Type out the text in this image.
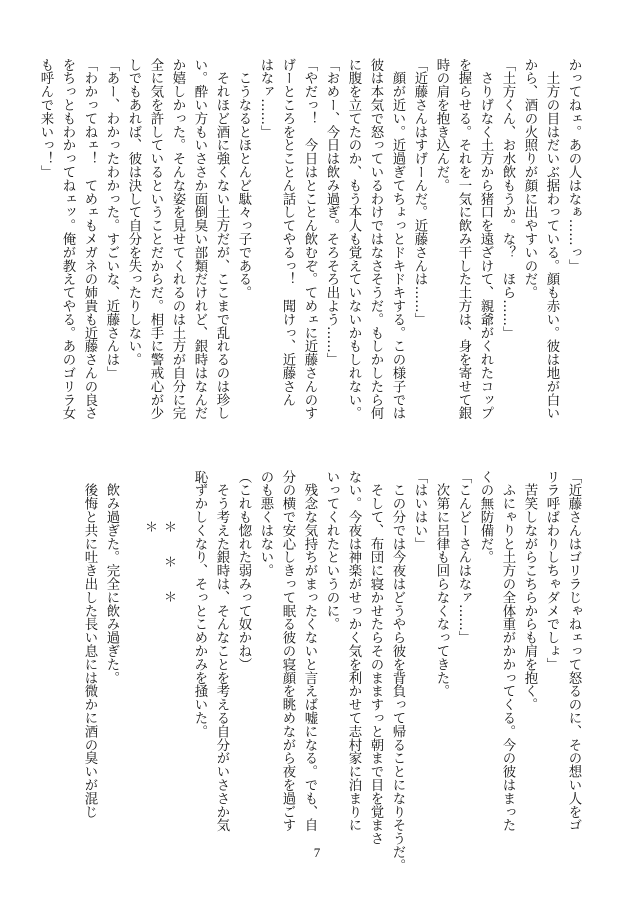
かってねェ。あの人はなぁ……っ」
　土方の目はだいぶ据わっている。顔も赤い。彼は地が白い
から、酒の火照りが顔に出やすいのだ。
「土方くん、お水飲もうか。な？　ほら……」
　さりげなく土方から猪口を遠ざけて、親爺がくれたコップ
を握らせる。それを一気に飲み干した土方は、身を寄せて銀
時の肩を抱き込んだ。
「近藤さんはすげーんだ。近藤さんは……」
　顔が近い。近過ぎてちょっとドキドキする。この様子では
彼は本気で怒っているわけではなさそうだ。もしかしたら何
に腹を立てたのか、もう本人も覚えていないかもしれない。
「おめー、今日は飲み過ぎ。そろそろ出よう……」
「やだっ！　今日はとことん飲むぞ。てめェに近藤さんのす
げーところをとことん話してやるっ！　聞けっ、近藤さん
はなァ……」
　こうなるとほとんど駄々っ子である。
　それほど酒に強くない土方だが、ここまで乱れるのは珍し
い。酔い方もいささか面倒臭い部類だけれど、銀時はなんだ
か嬉しかった。そんな姿を見せてくれるのは土方が自分に完
全に気を許しているということだからだ。相手に警戒心が少
しでもあれば、彼は決して自分を失ったりしない。
「あー、わかったわかった。すごいな、近藤さんは」
「わかってねェ！　てめェもメガネの姉貴も近藤さんの良さ
をちっともわかってねェッ。俺が教えてやる。あのゴリラ女
も呼んで来いっ！」
「近藤さんはゴリラじゃねェって怒るのに、その想い人をゴ
リラ呼ばわりしちゃダメでしょ」
　苦笑しながらこちらからも肩を抱く。
　ふにゃりと土方の全体重がかかってくる。今の彼はまった
くの無防備だ。
「こんどーさんはなァ……」
　次第に呂律も回らなくなってきた。
「はいはい」
　この分では今夜はどうやら彼を背負って帰ることになりそうだ。
　そして、布団に寝かせたらそのまますっと朝まで目を覚まさ
ない。今夜は神楽がせっかく気を利かせて志村家に泊まりに
いってくれたというのに。
　残念な気持ちがまったくないと言えば嘘になる。でも、自
分の横で安心しきって眠る彼の寝顔を眺めながら夜を過ごす
のも悪くはない。
（これも惚れた弱みって奴かね）
　そう考えた銀時は、そんなことを考える自分がいささか気
恥ずかしくなり、そっとこめかみを掻いた。

　飲み過ぎた。完全に飲み過ぎた。
　後悔と共に吐き出した長い息には微かに酒の臭いが混じ	＊＊＊＊
7
